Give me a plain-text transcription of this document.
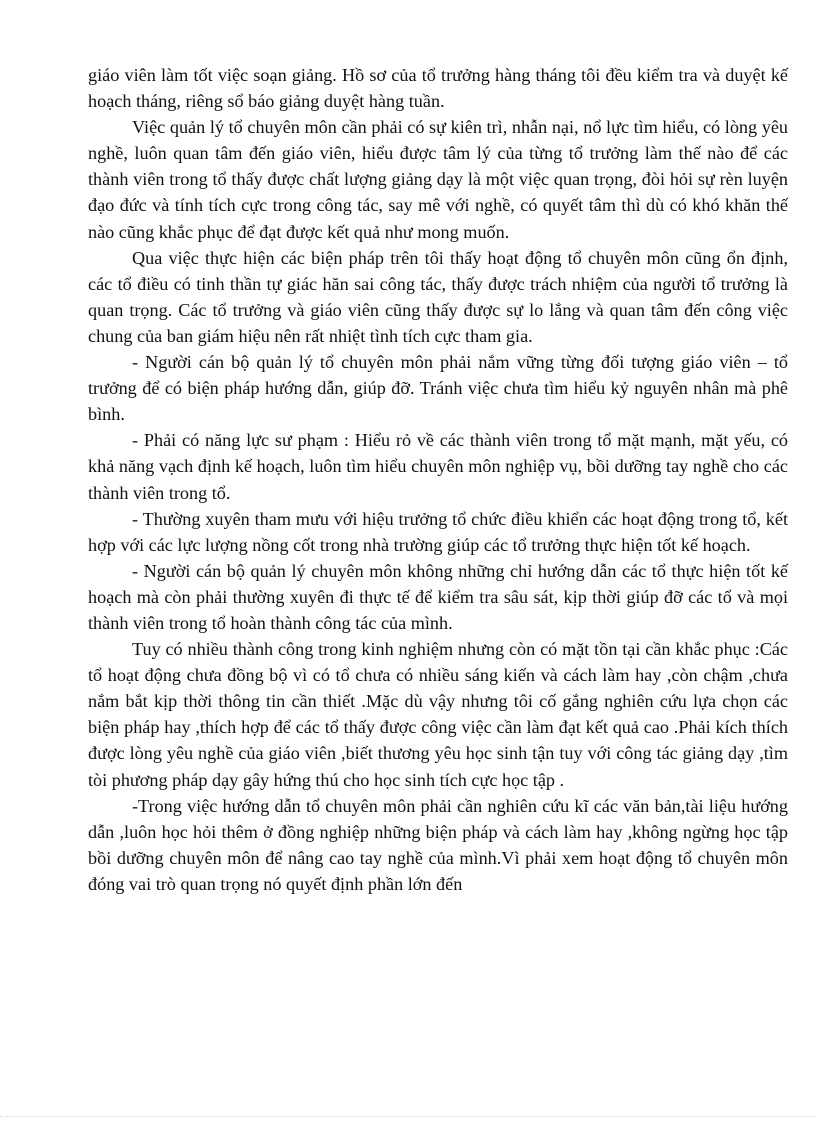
giáo viên làm tốt việc soạn giảng. Hồ sơ của tổ trưởng hàng tháng tôi đều kiểm tra và duyệt kế hoạch tháng, riêng sổ báo giảng duyệt hàng tuần.

Việc quản lý tổ chuyên môn cần phải có sự kiên trì, nhẫn nại, nổ lực tìm hiểu, có lòng yêu nghề, luôn quan tâm đến giáo viên, hiểu được tâm lý của từng tổ trưởng làm thế nào để các thành viên trong tổ thấy được chất lượng giảng dạy là một việc quan trọng, đòi hỏi sự rèn luyện đạo đức và tính tích cực trong công tác, say mê với nghề, có quyết tâm thì dù có khó khăn thế nào cũng khắc phục để đạt được kết quả như mong muốn.

Qua việc thực hiện các biện pháp trên tôi thấy hoạt động tổ chuyên môn cũng ổn định, các tổ điều có tinh thần tự giác hăn sai công tác, thấy được trách nhiệm của người tổ trưởng là quan trọng. Các tổ trưởng và giáo viên cũng thấy được sự lo lắng và quan tâm đến công việc chung của ban giám hiệu nên rất nhiệt tình tích cực tham gia.

- Người cán bộ quản lý tổ chuyên môn phải nắm vững từng đối tượng giáo viên – tổ trưởng để có biện pháp hướng dẫn, giúp đỡ. Tránh việc chưa tìm hiểu kỷ nguyên nhân mà phê bình.

- Phải có năng lực sư phạm : Hiểu rỏ về các thành viên trong tổ mặt mạnh, mặt yếu, có khả năng vạch định kế hoạch, luôn tìm hiểu chuyên môn nghiệp vụ, bồi dưỡng tay nghề cho các thành viên trong tổ.

- Thường xuyên tham mưu với hiệu trưởng tổ chức điều khiển các hoạt động trong tổ, kết hợp với các lực lượng nồng cốt trong nhà trường giúp các tổ trưởng thực hiện tốt kế hoạch.

- Người cán bộ quản lý chuyên môn không những chỉ hướng dẫn các tổ thực hiện tốt kế hoạch mà còn phải thường xuyên đi thực tế để kiểm tra sâu sát, kịp thời giúp đỡ các tổ và mọi thành viên trong tổ hoàn thành công tác của mình.

Tuy có nhiều thành công trong kinh nghiệm nhưng còn có mặt tồn tại cần khắc phục :Các tổ hoạt động chưa đồng bộ vì có tổ chưa có nhiều sáng kiến và cách làm hay ,còn chậm ,chưa nắm bắt kịp thời thông tin cần thiết .Mặc dù vậy nhưng tôi cố gắng nghiên cứu lựa chọn các biện pháp hay ,thích hợp để các tổ thấy được công việc cần làm đạt kết quả cao .Phải kích thích được lòng yêu nghề của giáo viên ,biết thương yêu học sinh tận tuy với công tác giảng dạy ,tìm tòi phương pháp dạy gây hứng thú cho học sinh tích cực học tập .

-Trong việc hướng dẫn tổ chuyên môn phải cần nghiên cứu kĩ các văn bản,tài liệu hướng dẫn ,luôn học hỏi thêm ở đồng nghiệp những biện pháp và cách làm hay ,không ngừng học tập bồi dưỡng chuyên môn để nâng cao tay nghề của mình.Vì phải xem hoạt động tổ chuyên môn đóng vai trò quan trọng nó quyết định phần lớn đến
